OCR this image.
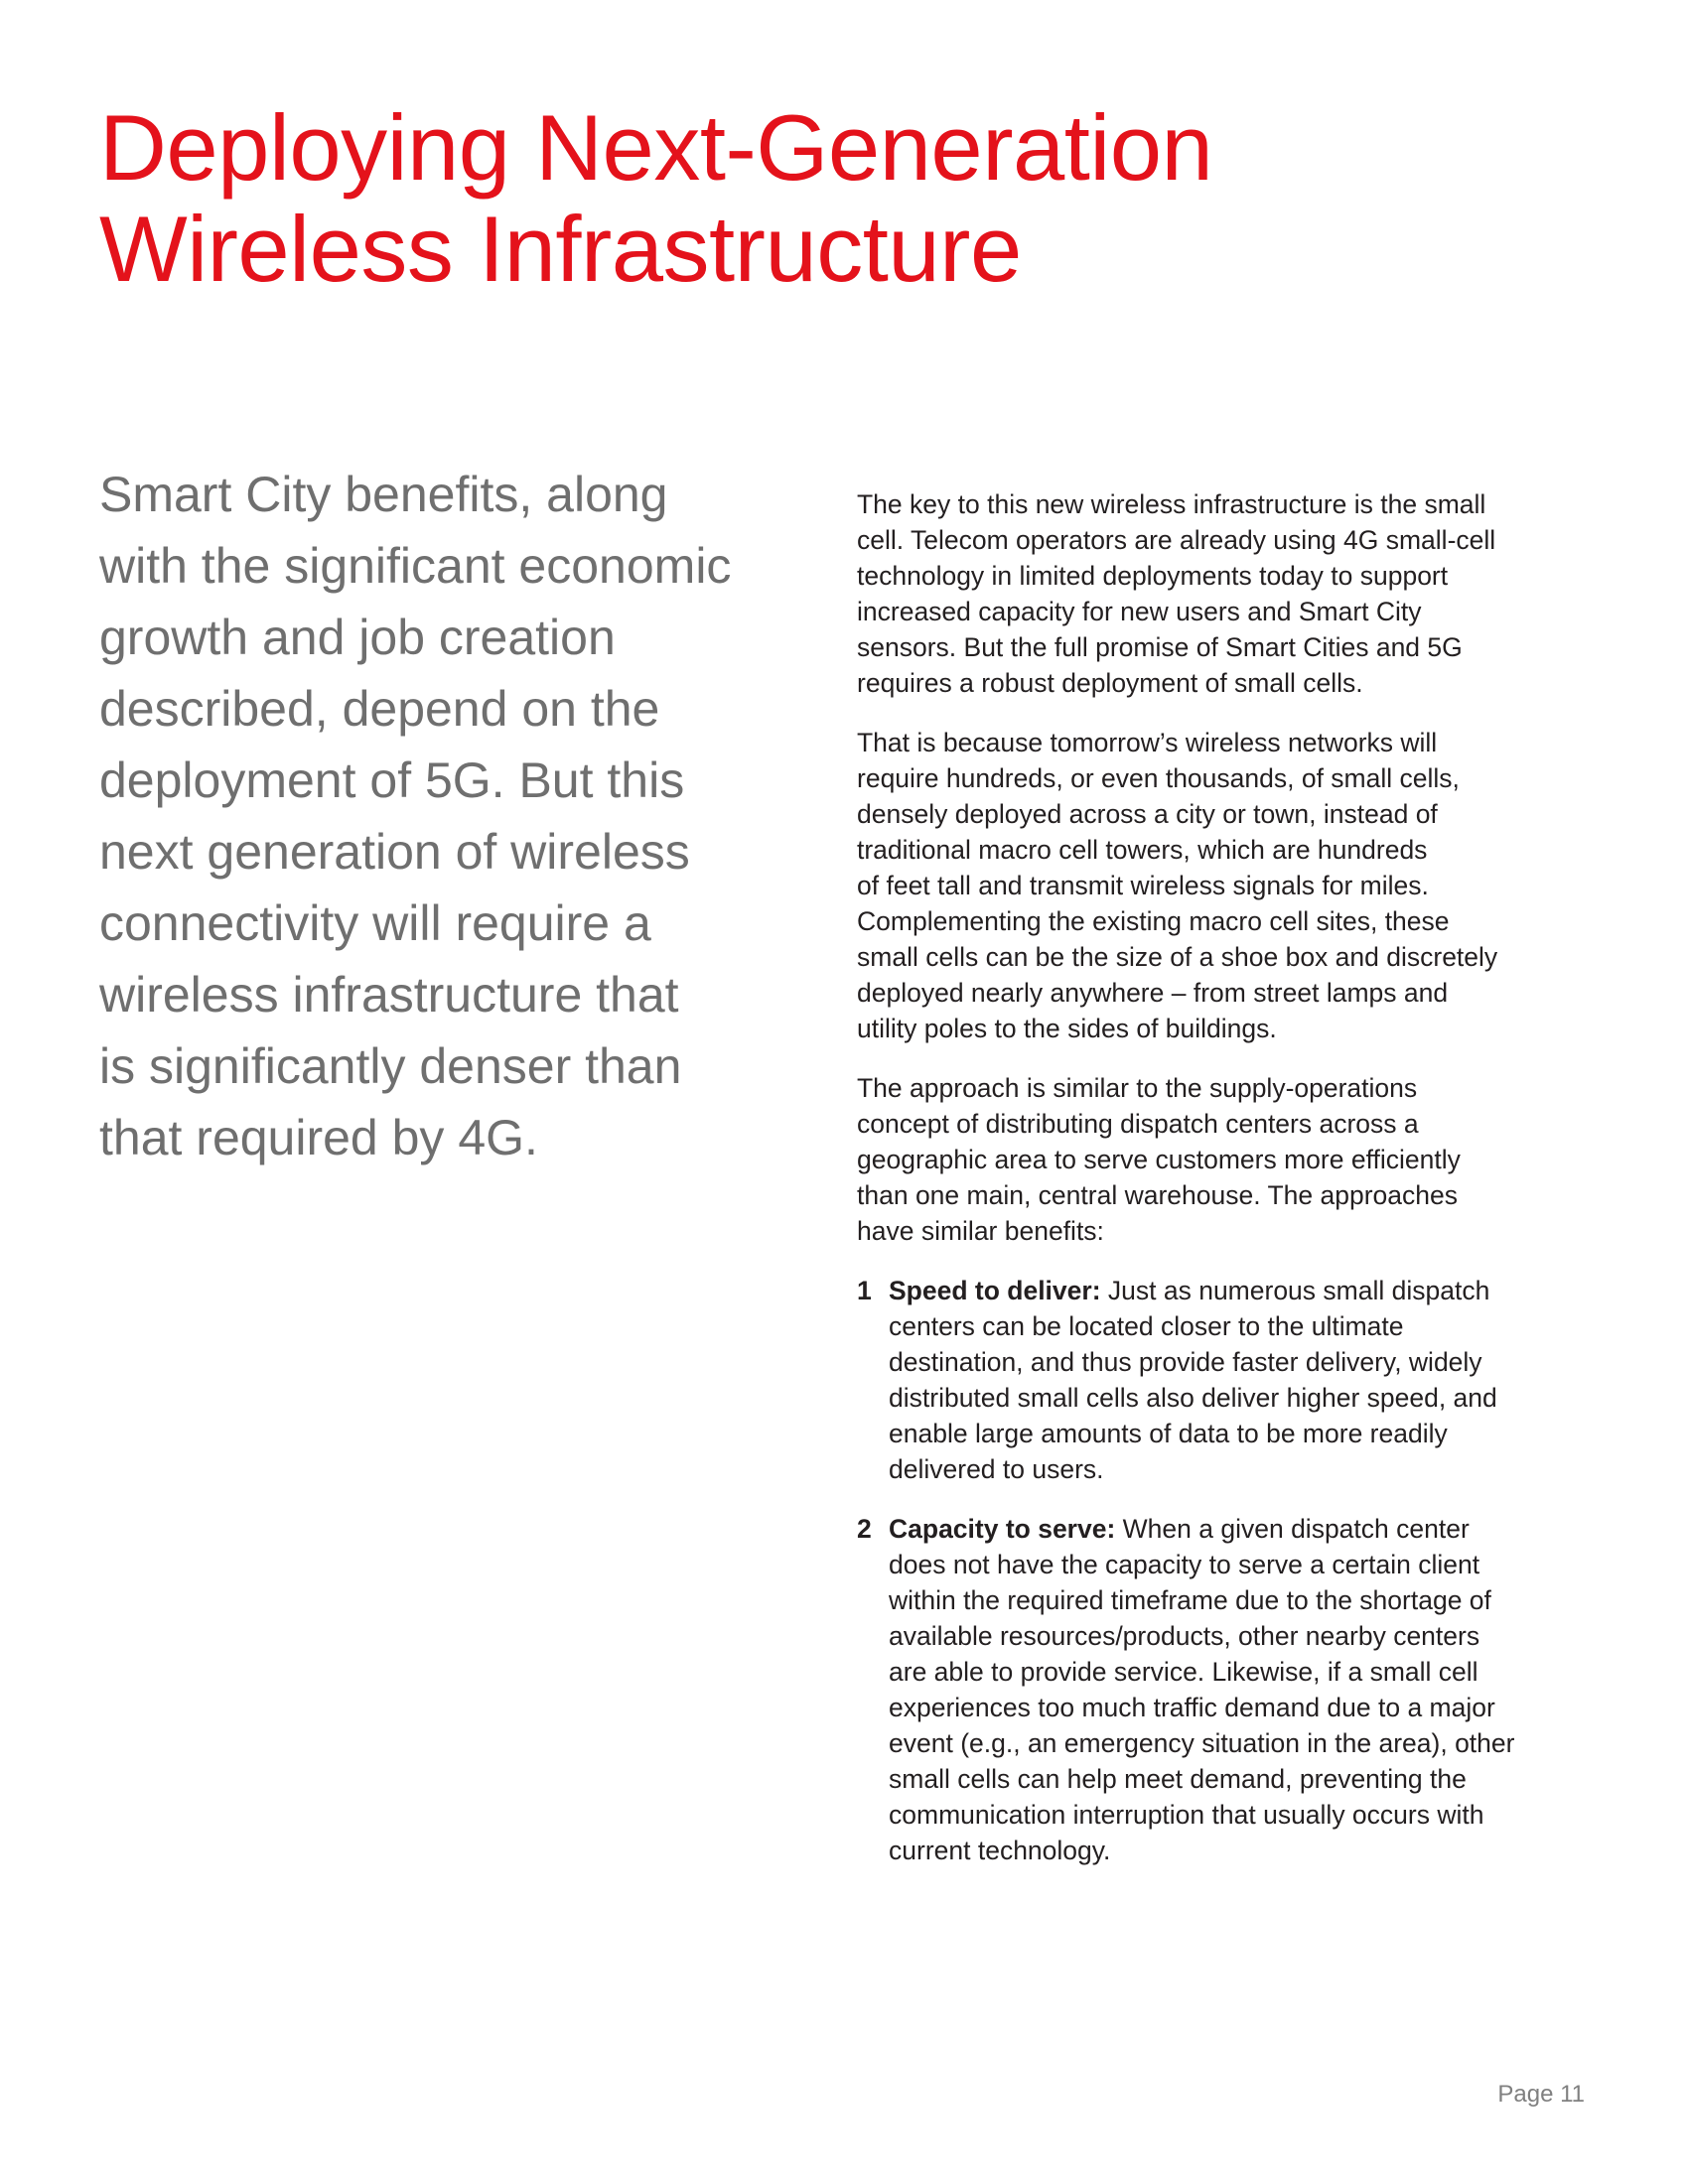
Deploying Next-Generation
Wireless Infrastructure
Smart City benefits, along
with the significant economic
growth and job creation
described, depend on the
deployment of 5G. But this
next generation of wireless
connectivity will require a
wireless infrastructure that
is significantly denser than
that required by 4G.

The key to this new wireless infrastructure is the small
cell. Telecom operators are already using 4G small-cell
technology in limited deployments today to support
increased capacity for new users and Smart City
sensors. But the full promise of Smart Cities and 5G
requires a robust deployment of small cells.

That is because tomorrow’s wireless networks will
require hundreds, or even thousands, of small cells,
densely deployed across a city or town, instead of
traditional macro cell towers, which are hundreds
of feet tall and transmit wireless signals for miles.
Complementing the existing macro cell sites, these
small cells can be the size of a shoe box and discretely
deployed nearly anywhere – from street lamps and
utility poles to the sides of buildings.

The approach is similar to the supply-operations
concept of distributing dispatch centers across a
geographic area to serve customers more efficiently
than one main, central warehouse. The approaches
have similar benefits:

1 Speed to deliver: Just as numerous small dispatch
centers can be located closer to the ultimate
destination, and thus provide faster delivery, widely
distributed small cells also deliver higher speed, and
enable large amounts of data to be more readily
delivered to users.
2 Capacity to serve: When a given dispatch center
does not have the capacity to serve a certain client
within the required timeframe due to the shortage of
available resources/products, other nearby centers
are able to provide service. Likewise, if a small cell
experiences too much traffic demand due to a major
event (e.g., an emergency situation in the area), other
small cells can help meet demand, preventing the
communication interruption that usually occurs with
current technology.
Page 11
